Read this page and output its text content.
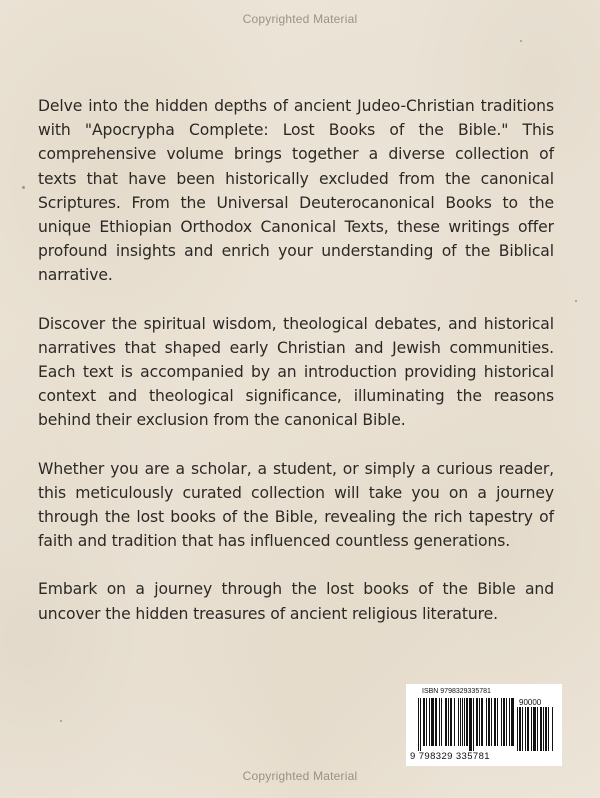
Copyrighted Material

Delve into the hidden depths of ancient Judeo-Christian traditions with "Apocrypha Complete: Lost Books of the Bible." This comprehensive volume brings together a diverse collection of texts that have been historically excluded from the canonical Scriptures. From the Universal Deuterocanonical Books to the unique Ethiopian Orthodox Canonical Texts, these writings offer profound insights and enrich your understanding of the Biblical narrative.

Discover the spiritual wisdom, theological debates, and historical narratives that shaped early Christian and Jewish communities. Each text is accompanied by an introduction providing historical context and theological significance, illuminating the reasons behind their exclusion from the canonical Bible.

Whether you are a scholar, a student, or simply a curious reader, this meticulously curated collection will take you on a journey through the lost books of the Bible, revealing the rich tapestry of faith and tradition that has influenced countless generations.

Embark on a journey through the lost books of the Bible and uncover the hidden treasures of ancient religious literature.

ISBN 9798329335781
90000
9 798329 335781
Copyrighted Material
